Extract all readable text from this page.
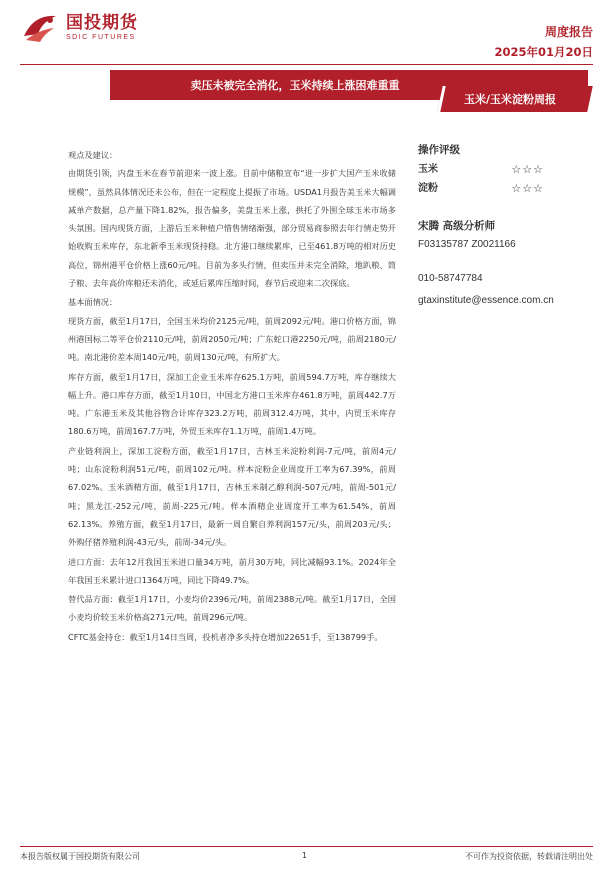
国投期货
SDIC FUTURES	周度报告
2025年01月20日
卖压未被完全消化，玉米持续上涨困难重重
玉米/玉米淀粉周报
观点及建议：
由期货引领，内盘玉米在春节前迎来一波上涨。目前中储粮宣布“进一步扩大国产玉米收储规模”，虽然具体情况还未公布，但在一定程度上提振了市场。USDA1月报告美玉米大幅调减单产数据，总产量下降1.82%，报告偏多，美盘玉米上涨，拱托了外围全球玉米市场多头氛围。国内现货方面，上游后玉米种植户惜售情绪渐强，部分贸易商参照去年行情走势开始收购玉米库存，东北新季玉米现货持稳。北方港口继续累库，已至461.8万吨的相对历史高位，锦州港平仓价格上涨60元/吨。目前为多头行情，但卖压并未完全消除，地趴粮、筒子粮、去年高价库粮还未消化，或延后累库压缩时间，春节后或迎来二次探底。
基本面情况：
现货方面，截至1月17日，全国玉米均价2125元/吨，前周2092元/吨。港口价格方面，锦州港国标二等平仓价2110元/吨，前周2050元/吨；广东蛇口港2250元/吨，前周2180元/吨。南北港价差本周140元/吨，前周130元/吨，有所扩大。
库存方面，截至1月17日，深加工企业玉米库存625.1万吨，前周594.7万吨，库存继续大幅上升。港口库存方面，截至1月10日，中国北方港口玉米库存461.8万吨，前周442.7万吨。广东港玉米及其他谷物合计库存323.2万吨，前周312.4万吨，其中，内贸玉米库存180.6万吨，前周167.7万吨，外贸玉米库存1.1万吨，前周1.4万吨。
产业链利润上，深加工淀粉方面，截至1月17日，吉林玉米淀粉利润-7元/吨，前周4元/吨；山东淀粉利润51元/吨，前周102元/吨。样本淀粉企业周度开工率为67.39%，前周67.02%。玉米酒精方面，截至1月17日，吉林玉米制乙醇利润-507元/吨，前周-501元/吨；黑龙江-252元/吨，前周-225元/吨。样本酒精企业周度开工率为61.54%，前周62.13%。养殖方面，截至1月17日，最新一周自繁自养利润157元/头，前周203元/头；外购仔猪养殖利润-43元/头，前周-34元/头。
进口方面：去年12月我国玉米进口量34万吨，前月30万吨，同比减幅93.1%。2024年全年我国玉米累计进口1364万吨，同比下降49.7%。
替代品方面：截至1月17日，小麦均价2396元/吨，前周2388元/吨。截至1月17日，全国小麦均价较玉米价格高271元/吨，前周296元/吨。
CFTC基金持仓：截至1月14日当周，投机者净多头持仓增加22651手，至138799手。
操作评级
玉米	☆☆☆
淀粉	☆☆☆
宋腾 高级分析师
F03135787 Z0021166
010-58747784
gtaxinstitute@essence.com.cn
本报告版权属于国投期货有限公司	1	不可作为投资依据，转载请注明出处
